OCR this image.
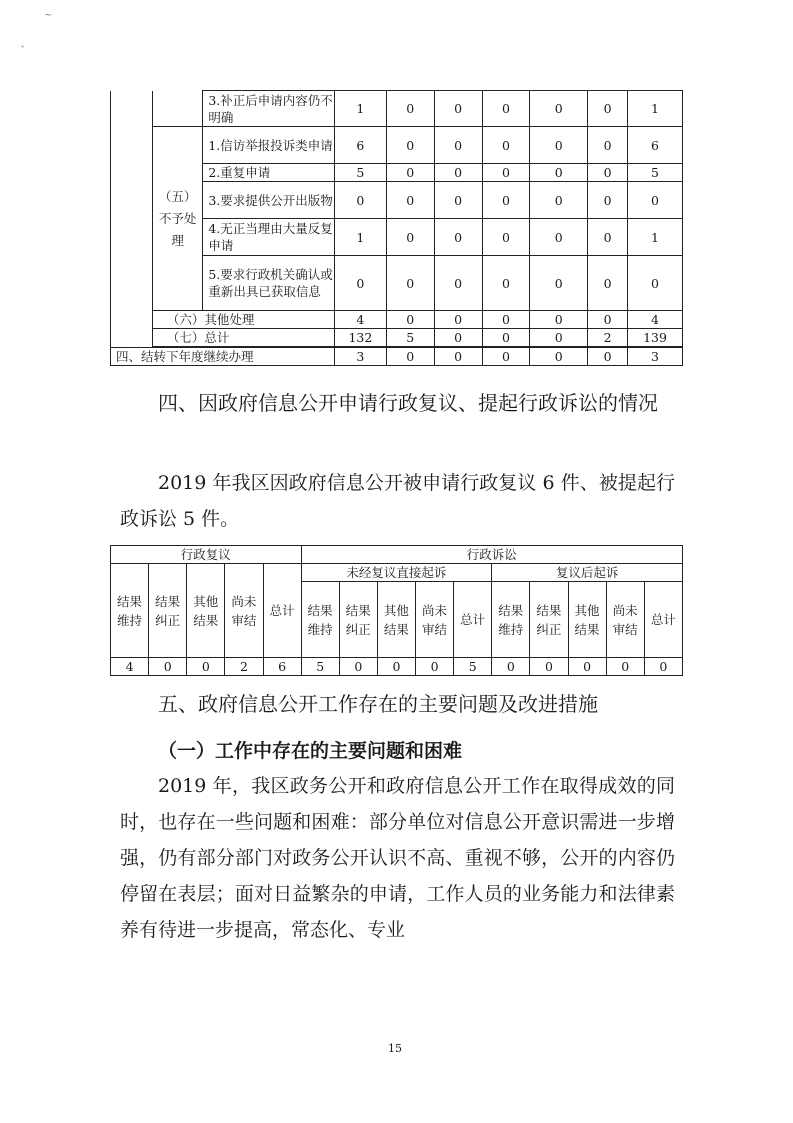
~
ˇ
		3.补正后申请内容仍不明确	1	0	0	0	0	0	1
	（五）不予处理	1.信访举报投诉类申请	6	0	0	0	0	0	6
		2.重复申请	5	0	0	0	0	0	5
		3.要求提供公开出版物	0	0	0	0	0	0	0
		4.无正当理由大量反复申请	1	0	0	0	0	0	1
		5.要求行政机关确认或重新出具已获取信息	0	0	0	0	0	0	0
	（六）其他处理		4	0	0	0	0	0	4
	（七）总计		132	5	0	0	0	2	139

四、结转下年度继续办理			3	0	0	0	0	0	3
四、因政府信息公开申请行政复议、提起行政诉讼的情况
2019 年我区因政府信息公开被申请行政复议 6 件、被提起行政诉讼 5 件。
行政复议					行政诉讼									
结果维持	结果纠正	其他结果	尚未审结	总计	未经复议直接起诉					复议后起诉				
					结果维持	结果纠正	其他结果	尚未审结	总计	结果维持	结果纠正	其他结果	尚未审结	总计
4	0	0	2	6	5	0	0	0	5	0	0	0	0	0
五、政府信息公开工作存在的主要问题及改进措施
（一）工作中存在的主要问题和困难
2019 年，我区政务公开和政府信息公开工作在取得成效的同时，也存在一些问题和困难：部分单位对信息公开意识需进一步增强，仍有部分部门对政务公开认识不高、重视不够，公开的内容仍停留在表层；面对日益繁杂的申请，工作人员的业务能力和法律素养有待进一步提高，常态化、专业
15
